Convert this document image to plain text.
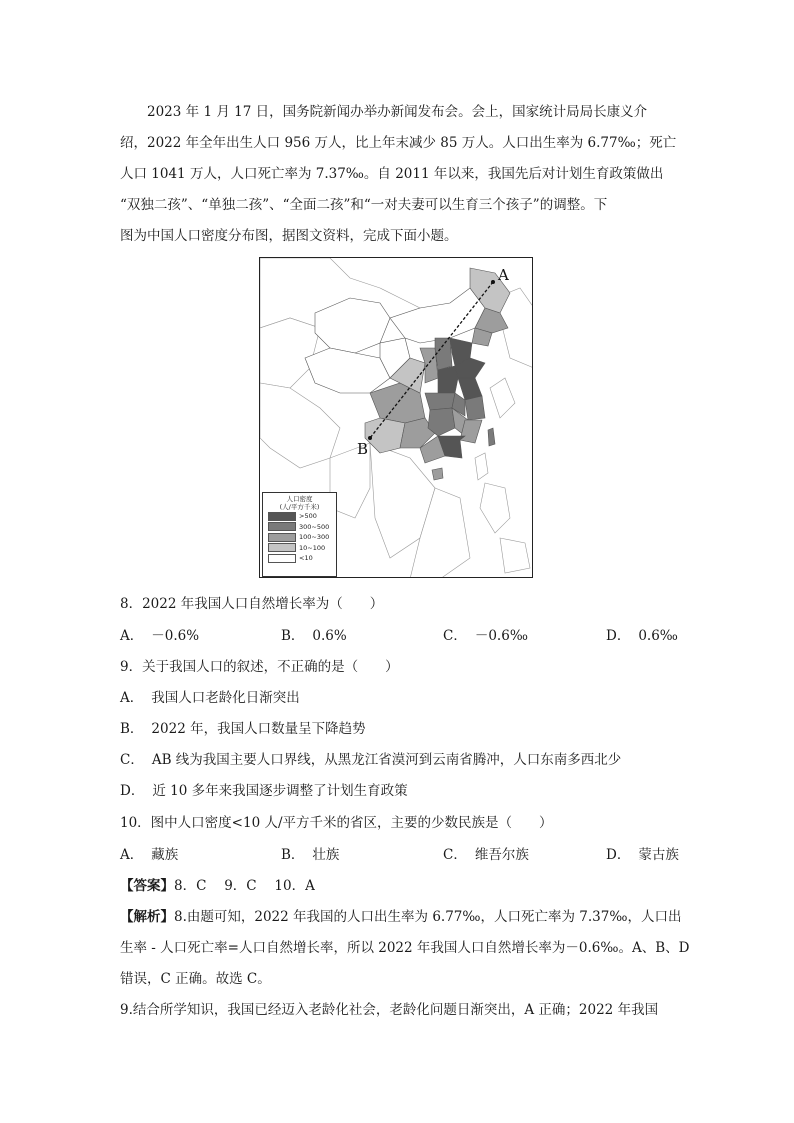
2023 年 1 月 17 日，国务院新闻办举办新闻发布会。会上，国家统计局局长康义介

绍，2022 年全年出生人口 956 万人，比上年末减少 85 万人。人口出生率为 6.77‰；死亡

人口 1041 万人，人口死亡率为 7.37‰。自 2011 年以来，我国先后对计划生育政策做出

“双独二孩”、“单独二孩”、“全面二孩”和“一对夫妻可以生育三个孩子”的调整。下

图为中国人口密度分布图，据图文资料，完成下面小题。

A
B
人口密度
(人/平方千米)
>500
300~500
100~300
10~100
<10

8．2022 年我国人口自然增长率为（　　）

A． －0.6%	B． 0.6%	C． －0.6‰	D． 0.6‰

9．关于我国人口的叙述，不正确的是（　　）

A． 我国人口老龄化日渐突出
B． 2022 年，我国人口数量呈下降趋势
C． AB 线为我国主要人口界线，从黑龙江省漠河到云南省腾冲，人口东南多西北少
D． 近 10 多年来我国逐步调整了计划生育政策

10．图中人口密度<10 人/平方千米的省区，主要的少数民族是（　　）

A． 藏族	B． 壮族	C． 维吾尔族	D． 蒙古族

【答案】8．C　 9．C　 10．A

【解析】8.由题可知，2022 年我国的人口出生率为 6.77‰，人口死亡率为 7.37‰，人口出

生率 - 人口死亡率=人口自然增长率，所以 2022 年我国人口自然增长率为－0.6‰。A、B、D

错误，C 正确。故选 C。

9.结合所学知识，我国已经迈入老龄化社会，老龄化问题日渐突出，A 正确；2022 年我国
